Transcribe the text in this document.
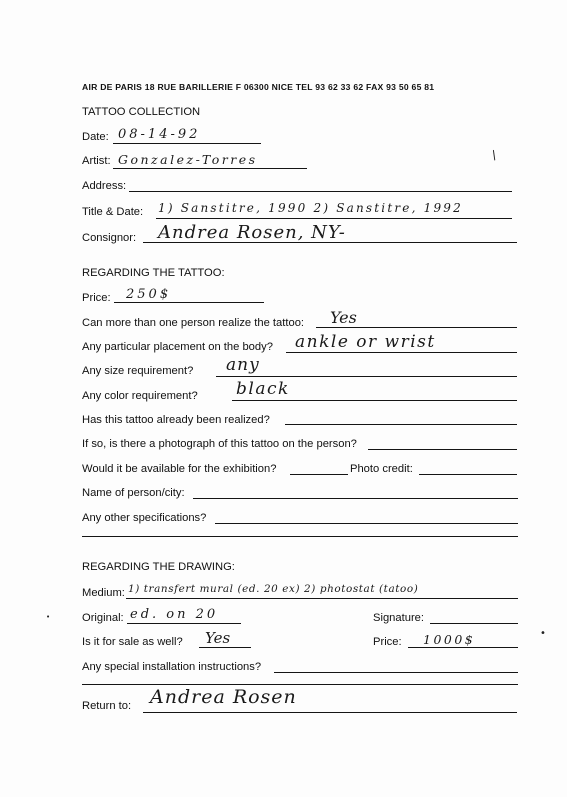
AIR DE PARIS 18 RUE BARILLERIE F 06300 NICE TEL 93 62 33 62 FAX 93 50 65 81
TATTOO COLLECTION
Date: 08-14-92
Artist: Gonzalez-Torres
Address:
Title & Date: 1) Sanstitre, 1990 2) Sanstitre, 1992
Consignor: Andrea Rosen, NY-
REGARDING THE TATTOO:
Price: 250$
Can more than one person realize the tattoo: Yes
Any particular placement on the body? ankle or wrist
Any size requirement? any
Any color requirement? black
Has this tattoo already been realized?
If so, is there a photograph of this tattoo on the person?
Would it be available for the exhibition?	Photo credit:
Name of person/city:
Any other specifications?
REGARDING THE DRAWING:
Medium: 1) transfert mural (ed. 20 ex) 2) photostat (tatoo)
Original: ed. on 20	Signature:
Is it for sale as well? Yes	Price: 1000$
Any special installation instructions?
Return to: Andrea Rosen
/
•
•
